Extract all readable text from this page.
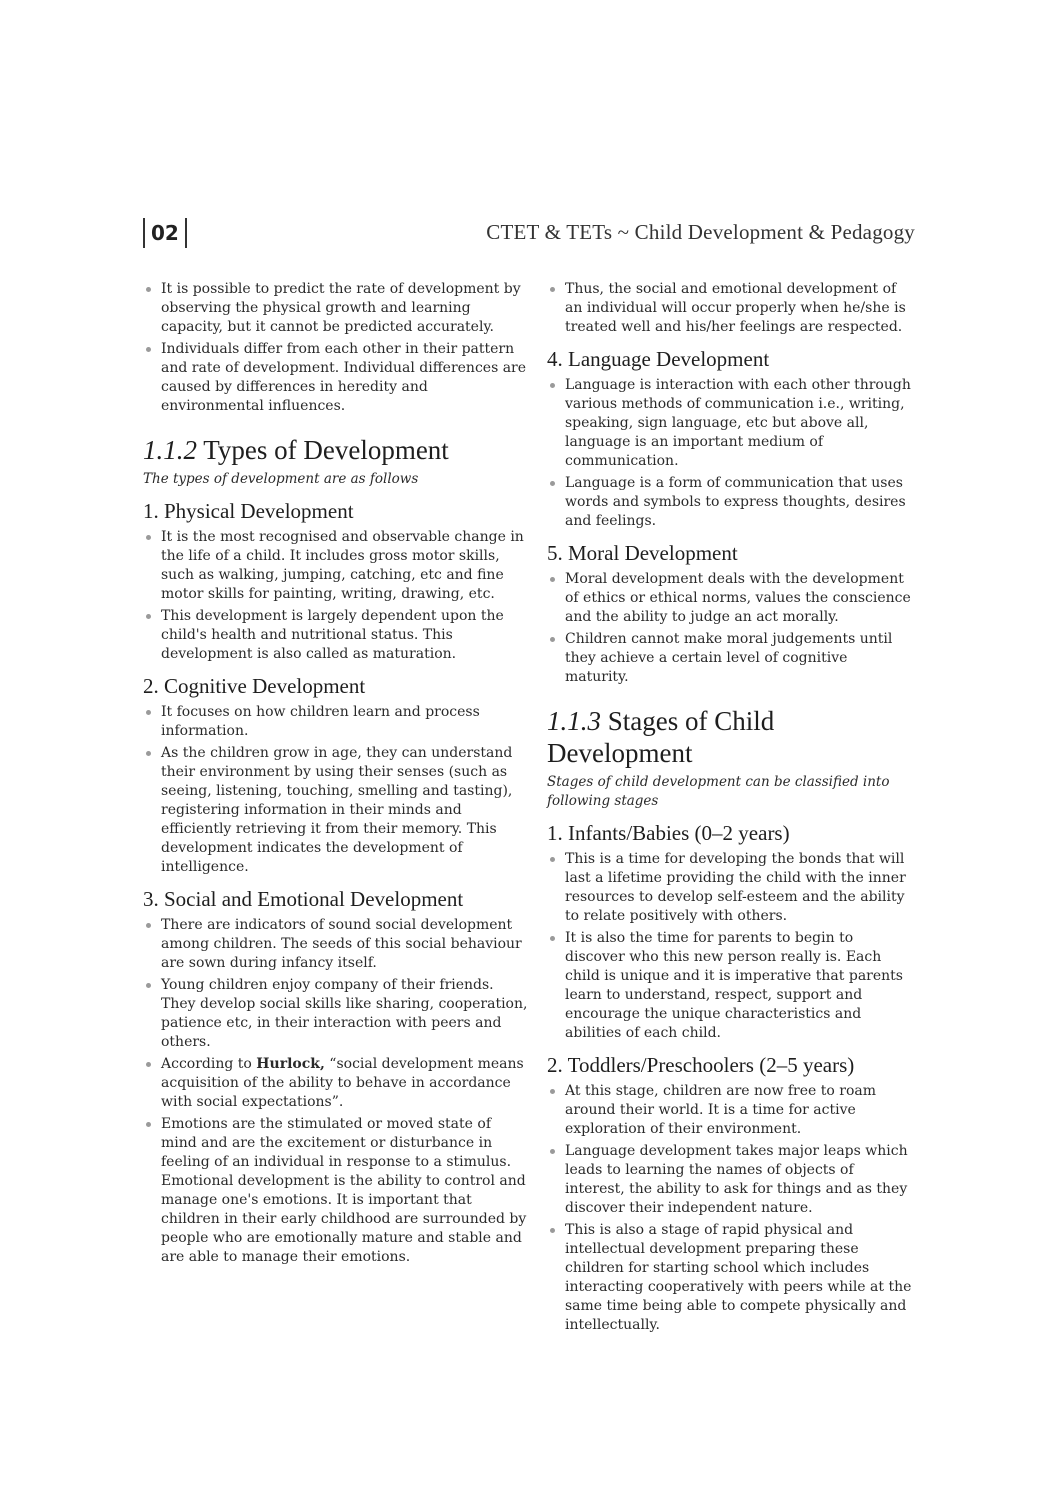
02	CTET & TETs ~ Child Development & Pedagogy
It is possible to predict the rate of development by observing the physical growth and learning capacity, but it cannot be predicted accurately.
Individuals differ from each other in their pattern and rate of development. Individual differences are caused by differences in heredity and environmental influences.
1.1.2 Types of Development

The types of development are as follows

1. Physical Development
It is the most recognised and observable change in the life of a child. It includes gross motor skills, such as walking, jumping, catching, etc and fine motor skills for painting, writing, drawing, etc.
This development is largely dependent upon the child's health and nutritional status. This development is also called as maturation.
2. Cognitive Development
It focuses on how children learn and process information.
As the children grow in age, they can understand their environment by using their senses (such as seeing, listening, touching, smelling and tasting), registering information in their minds and efficiently retrieving it from their memory. This development indicates the development of intelligence.
3. Social and Emotional Development
There are indicators of sound social development among children. The seeds of this social behaviour are sown during infancy itself.
Young children enjoy company of their friends. They develop social skills like sharing, cooperation, patience etc, in their interaction with peers and others.
According to Hurlock, “social development means acquisition of the ability to behave in accordance with social expectations”.
Emotions are the stimulated or moved state of mind and are the excitement or disturbance in feeling of an individual in response to a stimulus. Emotional development is the ability to control and manage one's emotions. It is important that children in their early childhood are surrounded by people who are emotionally mature and stable and are able to manage their emotions.
Thus, the social and emotional development of an individual will occur properly when he/she is treated well and his/her feelings are respected.
4. Language Development
Language is interaction with each other through various methods of communication i.e., writing, speaking, sign language, etc but above all, language is an important medium of communication.
Language is a form of communication that uses words and symbols to express thoughts, desires and feelings.
5. Moral Development
Moral development deals with the development of ethics or ethical norms, values the conscience and the ability to judge an act morally.
Children cannot make moral judgements until they achieve a certain level of cognitive maturity.
1.1.3 Stages of Child Development

Stages of child development can be classified into following stages

1. Infants/Babies (0–2 years)
This is a time for developing the bonds that will last a lifetime providing the child with the inner resources to develop self-esteem and the ability to relate positively with others.
It is also the time for parents to begin to discover who this new person really is. Each child is unique and it is imperative that parents learn to understand, respect, support and encourage the unique characteristics and abilities of each child.
2. Toddlers/Preschoolers (2–5 years)
At this stage, children are now free to roam around their world. It is a time for active exploration of their environment.
Language development takes major leaps which leads to learning the names of objects of interest, the ability to ask for things and as they discover their independent nature.
This is also a stage of rapid physical and intellectual development preparing these children for starting school which includes interacting cooperatively with peers while at the same time being able to compete physically and intellectually.
